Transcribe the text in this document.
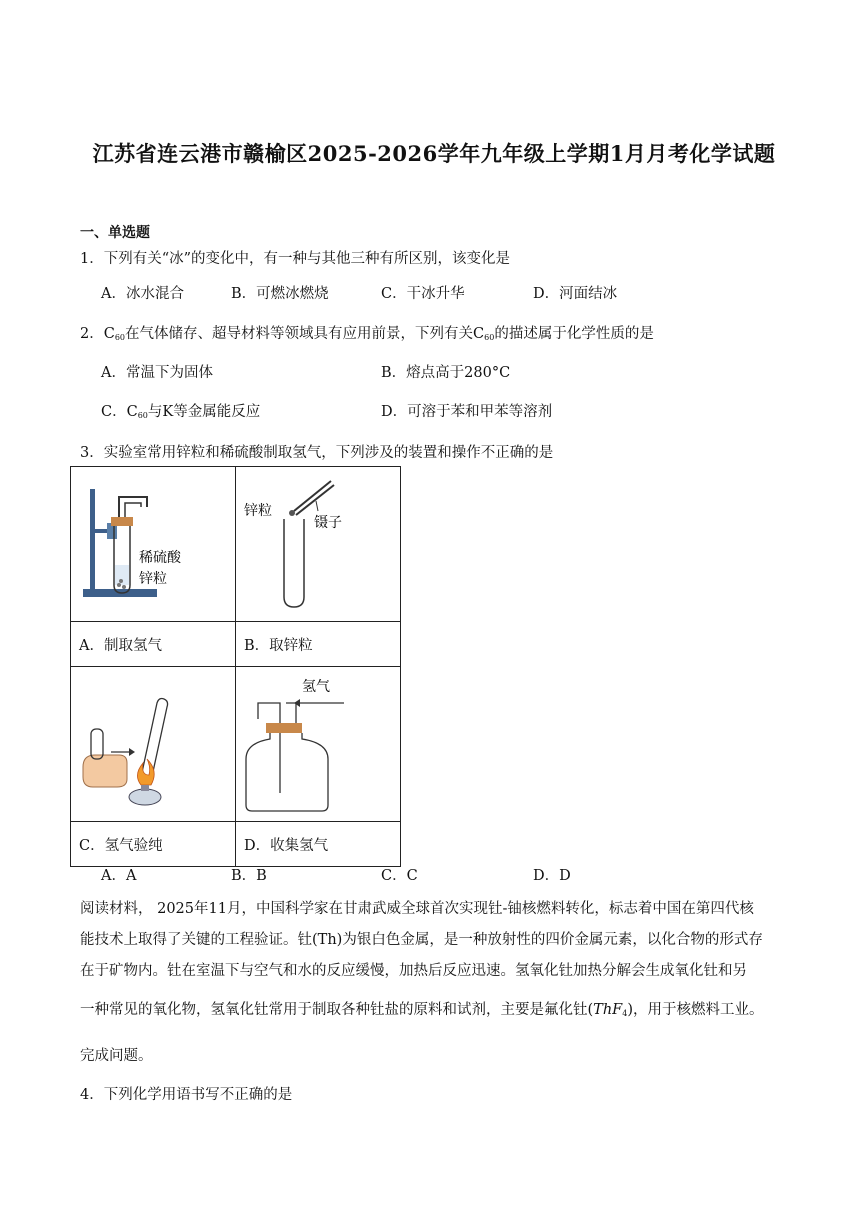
江苏省连云港市赣榆区2025-2026学年九年级上学期1月月考化学试题
一、单选题
1．下列有关“冰”的变化中，有一种与其他三种有所区别，该变化是
A．冰水混合	B．可燃冰燃烧	C．干冰升华	D．河面结冰
2．$C_{60}$在气体储存、超导材料等领域具有应用前景，下列有关$C_{60}$的描述属于化学性质的是
A．常温下为固体	B．熔点高于280°C
C．$C_{60}$与K等金属能反应	D．可溶于苯和甲苯等溶剂
3．实验室常用锌粒和稀硫酸制取氢气，下列涉及的装置和操作不正确的是
稀硫酸
锌粒	锌粒
镊子

A．制取氢气	B．取锌粒

氢气

C．氢气验纯	D．收集氢气
A．A	B．B	C．C	D．D
阅读材料， 2025年11月，中国科学家在甘肃武威全球首次实现钍-铀核燃料转化，标志着中国在第四代核
能技术上取得了关键的工程验证。钍(Th)为银白色金属，是一种放射性的四价金属元素，以化合物的形式存
在于矿物内。钍在室温下与空气和水的反应缓慢，加热后反应迅速。氢氧化钍加热分解会生成氧化钍和另
一种常见的氧化物，氢氧化钍常用于制取各种钍盐的原料和试剂，主要是氟化钍(ThF$_4$)，用于核燃料工业。
完成问题。
4．下列化学用语书写不正确的是
